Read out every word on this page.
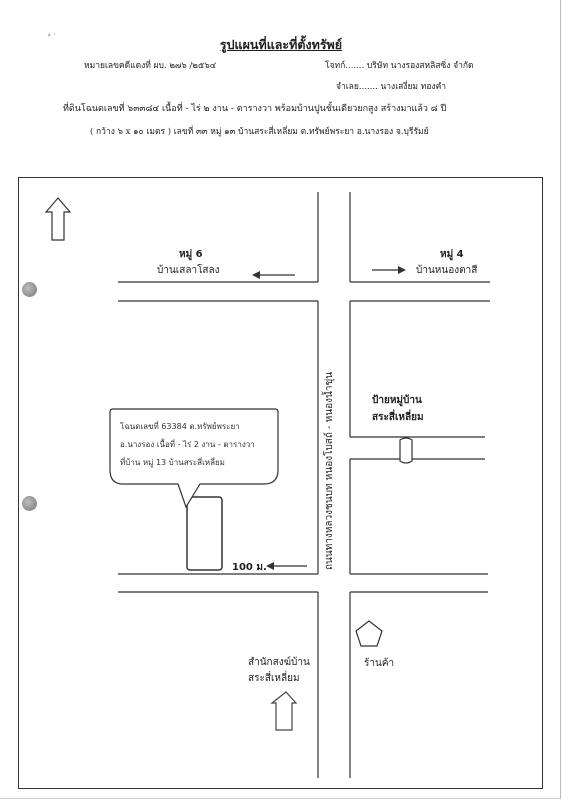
⸗ ·
รูปแผนที่และที่ตั้งทรัพย์
หมายเลขคดีแดงที่ ผบ. ๒๗๖ /๒๕๖๔	โจทก์....... บริษัท นางรองสหลิสซิ่ง จำกัด
จำเลย....... นางเสงี่ยม ทองคำ
ที่ดินโฉนดเลขที่ ๖๓๓๘๔ เนื้อที่ - ไร่ ๒ งาน - ตารางวา พร้อมบ้านปูนชั้นเดียวยกสูง สร้างมาแล้ว ๘ ปี
( กว้าง ๖ x ๑๐ เมตร ) เลขที่ ๓๓ หมู่ ๑๓ บ้านสระสี่เหลี่ยม ต.ทรัพย์พระยา อ.นางรอง จ.บุรีรัมย์
หมู่ 6
บ้านเสลาโสลง
หมู่ 4
บ้านหนองตาสี
ถนนทางหลวงชนบท หนองโบสถ์ - หนองน้ำขุ่น	ป้ายหมู่บ้าน
สระสี่เหลี่ยม
โฉนดเลขที่ 63384 ต.ทรัพย์พระยา
อ.นางรอง เนื้อที่ - ไร่ 2 งาน - ตารางวา
ที่บ้าน หมู่ 13 บ้านสระสี่เหลี่ยม
100 ม.
สำนักสงฆ์บ้าน
สระสี่เหลี่ยม
ร้านค้า
